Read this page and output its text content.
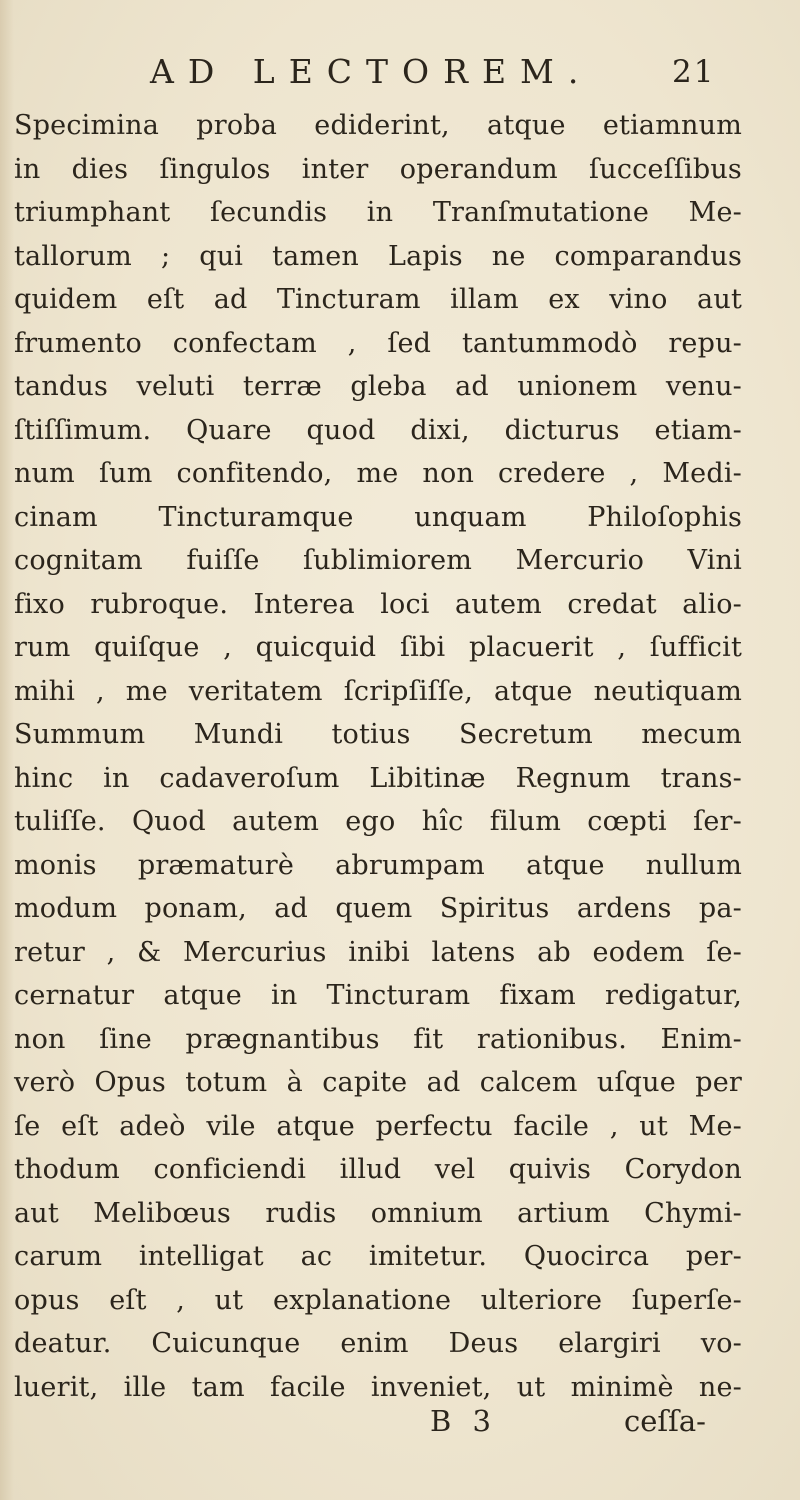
AD LECTOREM.	21
Specimina proba ediderint, atque etiamnum
in dies ſingulos inter operandum ſucceſſibus
triumphant ſecundis in Tranſmutatione Me-
tallorum ; qui tamen Lapis ne comparandus
quidem eſt ad Tincturam illam ex vino aut
frumento confectam , ſed tantummodò repu-
tandus veluti terræ gleba ad unionem venu-
ſtiſſimum. Quare quod dixi, dicturus etiam-
num ſum confitendo, me non credere , Medi-
cinam Tincturamque unquam Philoſophis
cognitam fuiſſe ſublimiorem Mercurio Vini
fixo rubroque. Interea loci autem credat alio-
rum quiſque , quicquid ſibi placuerit , ſufficit
mihi , me veritatem ſcripſiſſe, atque neutiquam
Summum Mundi totius Secretum mecum
hinc in cadaveroſum Libitinæ Regnum trans-
tuliſſe. Quod autem ego hîc filum cœpti ſer-
monis præmaturè abrumpam atque nullum
modum ponam, ad quem Spiritus ardens pa-
retur , & Mercurius inibi latens ab eodem ſe-
cernatur atque in Tincturam fixam redigatur,
non ſine prægnantibus fit rationibus. Enim-
verò Opus totum à capite ad calcem uſque per
ſe eſt adeò vile atque perfectu facile , ut Me-
thodum conficiendi illud vel quivis Corydon
aut Melibœus rudis omnium artium Chymi-
carum intelligat ac imitetur. Quocirca per-
opus eſt , ut explanatione ulteriore ſuperſe-
deatur. Cuicunque enim Deus elargiri vo-
luerit, ille tam facile inveniet, ut minimè ne-
B 3	ceſſa-
